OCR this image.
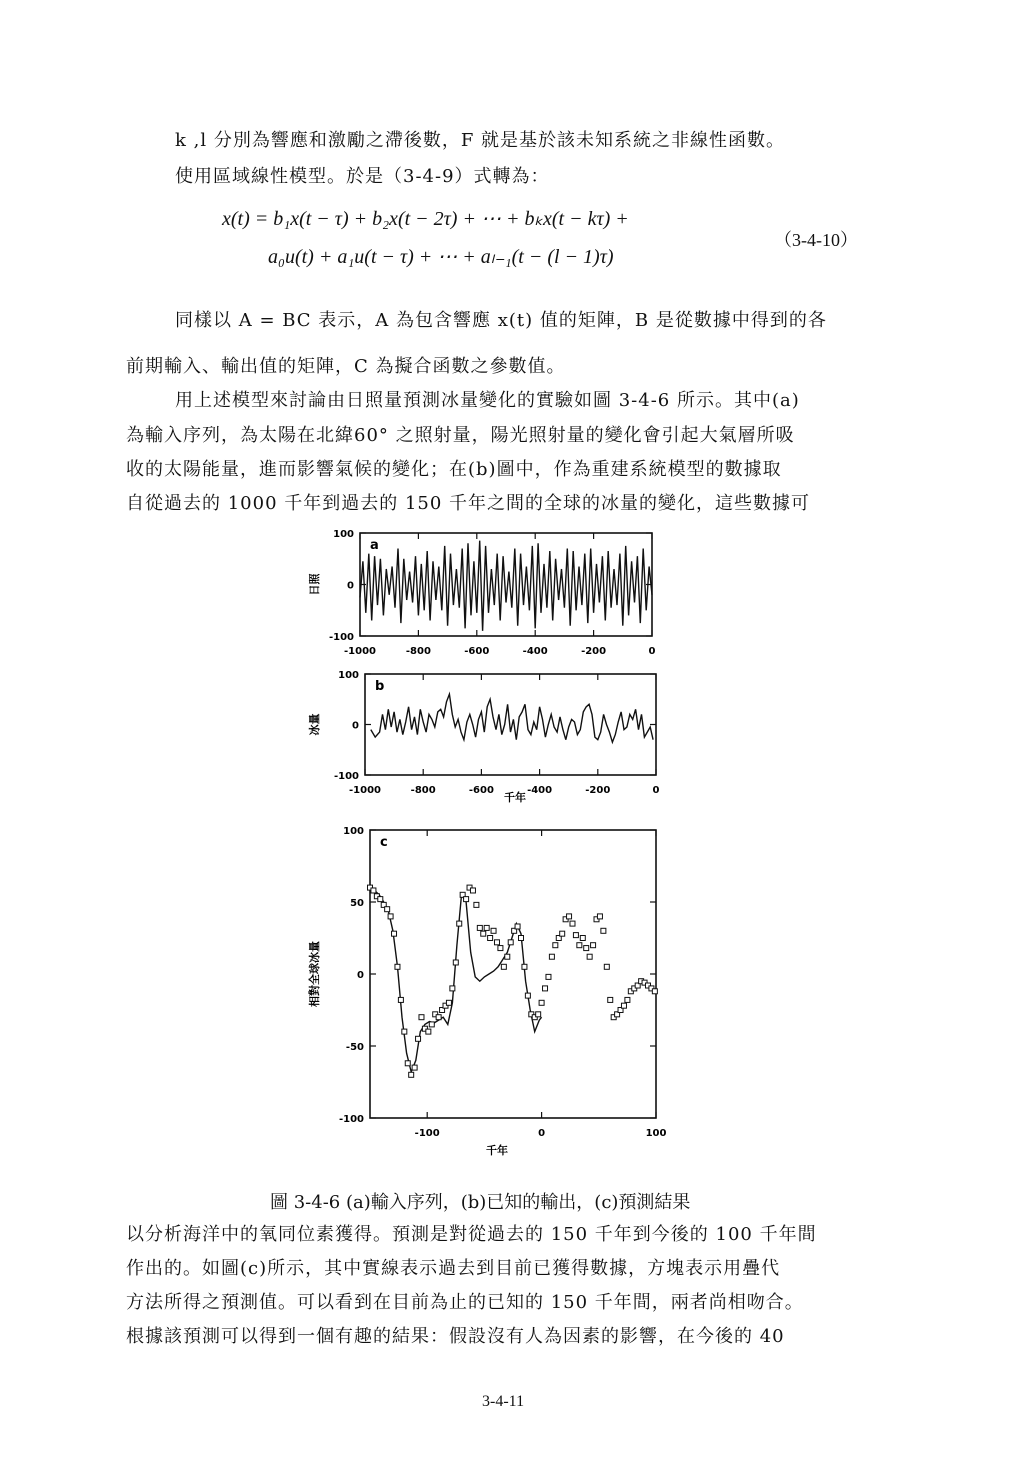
k ,l 分別為響應和激勵之滯後數，F 就是基於該未知系統之非線性函數。
使用區域線性模型。於是（3-4-9）式轉為：
x(t) = b₁x(t − τ) + b₂x(t − 2τ) + ⋯ + bₖx(t − kτ) +
a₀u(t) + a₁u(t − τ) + ⋯ + aₗ₋₁(t − (l − 1)τ)
（3-4-10）
同樣以 A = BC 表示，A 為包含響應 x(t) 值的矩陣，B 是從數據中得到的各
前期輸入、輸出值的矩陣，C 為擬合函數之參數值。
用上述模型來討論由日照量預測冰量變化的實驗如圖 3-4-6 所示。其中(a)
為輸入序列，為太陽在北緯60° 之照射量，陽光照射量的變化會引起大氣層所吸
收的太陽能量，進而影響氣候的變化；在(b)圖中，作為重建系統模型的數據取
自從過去的 1000 千年到過去的 150 千年之間的全球的冰量的變化，這些數據可
100
0
-100
-1000	-800	-600	-400	-200	0
a
日照
100
0
-100
-1000	-800	-600	-400	-200	0
b
冰量
千年
100
50
0
-50
-100
-100	0	100
c
相對全球冰量
千年
圖 3-4-6 (a)輸入序列，(b)已知的輸出，(c)預測結果
以分析海洋中的氧同位素獲得。預測是對從過去的 150 千年到今後的 100 千年間
作出的。如圖(c)所示，其中實線表示過去到目前已獲得數據，方塊表示用疊代
方法所得之預測值。可以看到在目前為止的已知的 150 千年間，兩者尚相吻合。
根據該預測可以得到一個有趣的結果：假設沒有人為因素的影響，在今後的 40
3-4-11
